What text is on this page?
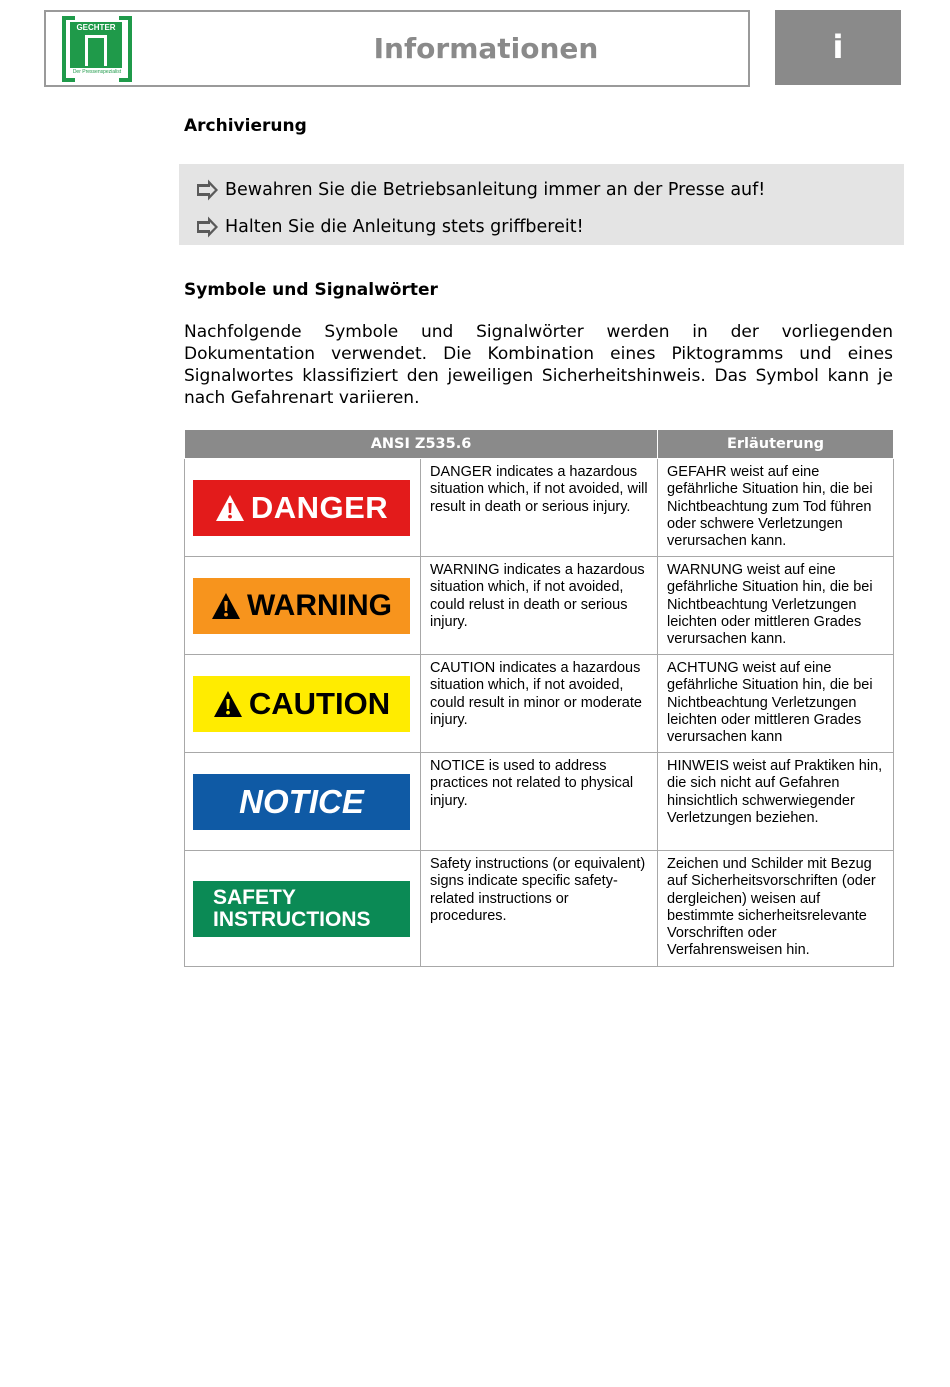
GECHTER
Der Pressenspezialist
Informationen	i
Archivierung
Bewahren Sie die Betriebsanleitung immer an der Presse auf!
Halten Sie die Anleitung stets griffbereit!
Symbole und Signalwörter

Nachfolgende Symbole und Signalwörter werden in der vorliegenden Dokumentation verwendet. Die Kombination eines Piktogramms und eines Signalwortes klassifiziert den jeweiligen Sicherheitshinweis. Das Symbol kann je nach Gefahrenart variieren.

ANSI Z535.6		Erläuterung

DANGER	DANGER indicates a hazardous situation which, if not avoided, will result in death or serious injury.	GEFAHR weist auf eine gefährliche Situation hin, die bei Nichtbeachtung zum Tod führen oder schwere Verletzungen verursachen kann.

WARNING	WARNING indicates a hazardous situation which, if not avoided, could relust in death or serious injury.	WARNUNG weist auf eine gefährliche Situation hin, die bei Nichtbeachtung Verletzungen leichten oder mittleren Grades verursachen kann.

CAUTION	CAUTION indicates a hazardous situation which, if not avoided, could result in minor or moderate injury.	ACHTUNG weist auf eine gefährliche Situation hin, die bei Nichtbeachtung Verletzungen leichten oder mittleren Grades verursachen kann

NOTICE	NOTICE is used to address practices not related to physical injury.	HINWEIS weist auf Praktiken hin, die sich nicht auf Gefahren hinsichtlich schwerwiegender Verletzungen beziehen.

SAFETY
INSTRUCTIONS	Safety instructions (or equivalent) signs indicate specific safety-related instructions or procedures.	Zeichen und Schilder mit Bezug auf Sicherheitsvorschriften (oder dergleichen) weisen auf bestimmte sicherheitsrelevante Vorschriften oder Verfahrensweisen hin.
